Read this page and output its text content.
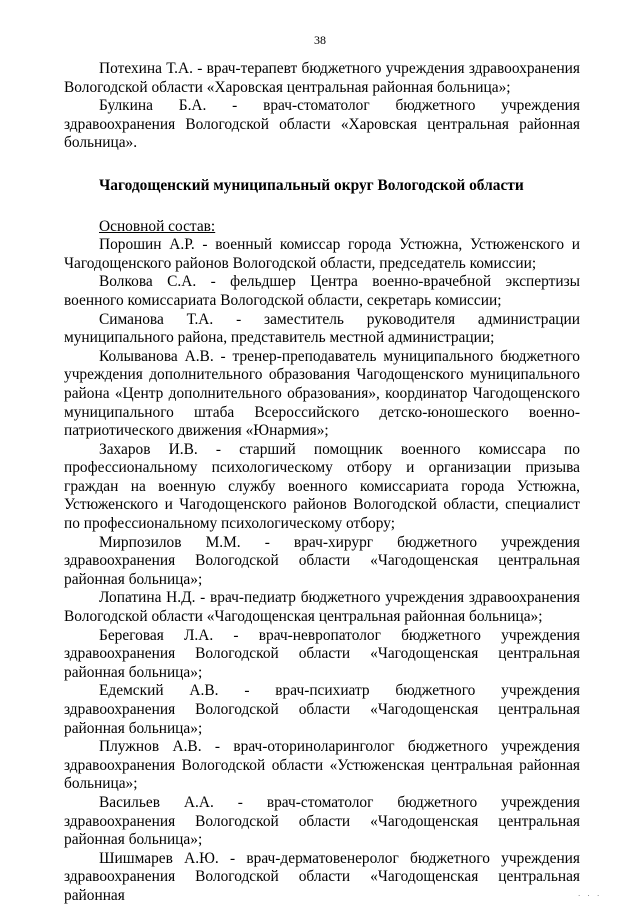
38

Потехина Т.А. - врач-терапевт бюджетного учреждения здравоохранения Вологодской области «Харовская центральная районная больница»;

Булкина Б.А. - врач-стоматолог бюджетного учреждения здравоохранения Вологодской области «Харовская центральная районная больница».

Чагодощенский муниципальный округ Вологодской области

Основной состав:

Порошин А.Р. - военный комиссар города Устюжна, Устюженского и Чагодощенского районов Вологодской области, председатель комиссии;

Волкова С.А. - фельдшер Центра военно-врачебной экспертизы военного комиссариата Вологодской области, секретарь комиссии;

Симанова Т.А. - заместитель руководителя администрации муниципального района, представитель местной администрации;

Колыванова А.В. - тренер-преподаватель муниципального бюджетного учреждения дополнительного образования Чагодощенского муниципального района «Центр дополнительного образования», координатор Чагодощенского муниципального штаба Всероссийского детско-юношеского военно-патриотического движения «Юнармия»;

Захаров И.В. - старший помощник военного комиссара по профессиональному психологическому отбору и организации призыва граждан на военную службу военного комиссариата города Устюжна, Устюженского и Чагодощенского районов Вологодской области, специалист по профессиональному психологическому отбору;

Мирпозилов М.М. - врач-хирург бюджетного учреждения здравоохранения Вологодской области «Чагодощенская центральная районная больница»;

Лопатина Н.Д. - врач-педиатр бюджетного учреждения здравоохранения Вологодской области «Чагодощенская центральная районная больница»;

Береговая Л.А. - врач-невропатолог бюджетного учреждения здравоохранения Вологодской области «Чагодощенская центральная районная больница»;

Едемский А.В. - врач-психиатр бюджетного учреждения здравоохранения Вологодской области «Чагодощенская центральная районная больница»;

Плужнов А.В. - врач-оториноларинголог бюджетного учреждения здравоохранения Вологодской области «Устюженская центральная районная больница»;

Васильев А.А. - врач-стоматолог бюджетного учреждения здравоохранения Вологодской области «Чагодощенская центральная районная больница»;

Шишмарев А.Ю. - врач-дерматовенеролог бюджетного учреждения здравоохранения Вологодской области «Чагодощенская центральная районная	. . .
